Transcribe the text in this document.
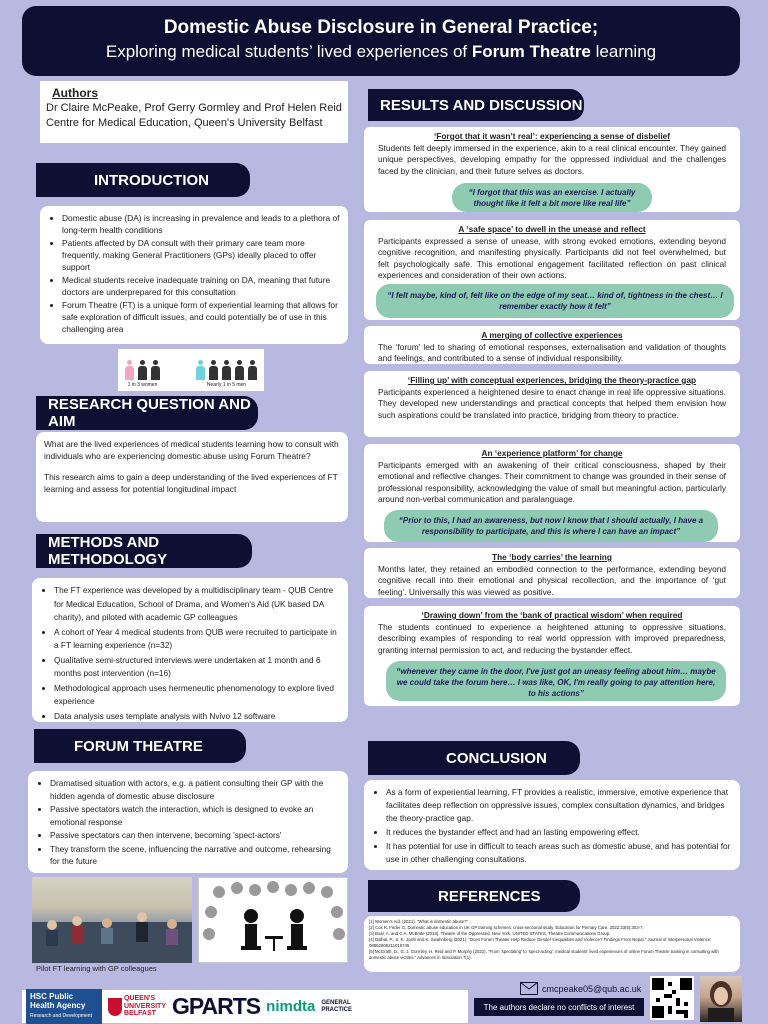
Domestic Abuse Disclosure in General Practice;
Exploring medical students’ lived experiences of Forum Theatre learning
Authors
Dr Claire McPeake, Prof Gerry Gormley and Prof Helen Reid
Centre for Medical Education, Queen's University Belfast
INTRODUCTION
• Domestic abuse (DA) is increasing in prevalence and leads to a plethora of long-term health conditions
• Patients affected by DA consult with their primary care team more frequently, making General Practitioners (GPs) ideally placed to offer support
• Medical students receive inadequate training on DA, meaning that future doctors are underprepared for this consultation
• Forum Theatre (FT) is a unique form of experiential learning that allows for safe exploration of difficult issues, and could potentially be of use in this challenging area
1 in 3 women	Nearly 1 in 5 men
RESEARCH QUESTION AND AIM

What are the lived experiences of medical students learning how to consult with individuals who are experiencing domestic abuse using Forum Theatre?

This research aims to gain a deep understanding of the lived experiences of FT learning and assess for potential longitudinal impact

METHODS AND METHODOLOGY
• The FT experience was developed by a multidisciplinary team - QUB Centre for Medical Education, School of Drama, and Women's Aid (UK based DA charity), and piloted with academic GP colleagues
• A cohort of Year 4 medical students from QUB were recruited to participate in a FT learning experience (n=32)
• Qualitative semi-structured interviews were undertaken at 1 month and 6 months post intervention (n=16)
• Methodological approach uses hermeneutic phenomenology to explore lived experience
• Data analysis uses template analysis with Nvivo 12 software
FORUM THEATRE
• Dramatised situation with actors, e.g. a patient consulting their GP with the hidden agenda of domestic abuse disclosure
• Passive spectators watch the interaction, which is designed to evoke an emotional response
• Passive spectators can then intervene, becoming 'spect-actors'
• They transform the scene, influencing the narrative and outcome, rehearsing for the future
Pilot FT learning with GP colleagues
RESULTS AND DISCUSSION
‘Forgot that it wasn’t real’: experiencing a sense of disbelief
Students felt deeply immersed in the experience, akin to a real clinical encounter. They gained unique perspectives, developing empathy for the oppressed individual and the challenges faced by the clinician, and their future selves as doctors.
“I forgot that this was an exercise. I actually thought like it felt a bit more like real life”
A ‘safe space’ to dwell in the unease and reflect
Participants expressed a sense of unease, with strong evoked emotions, extending beyond cognitive recognition, and manifesting physically. Participants did not feel overwhelmed, but felt psychologically safe. This emotional engagement facilitated reflection on past clinical experiences and consideration of their own actions.
“I felt maybe, kind of, felt like on the edge of my seat… kind of, tightness in the chest… I remember exactly how it felt”
A merging of collective experiences
The ‘forum’ led to sharing of emotional responses, externalisation and validation of thoughts and feelings, and contributed to a sense of individual responsibility.
‘Filling up’ with conceptual experiences, bridging the theory-practice gap
Participants experienced a heightened desire to enact change in real life oppressive situations. They developed new understandings and practical concepts that helped them envision how such aspirations could be translated into practice, bridging from theory to practice.
An ‘experience platform’ for change
Participants emerged with an awakening of their critical consciousness, shaped by their emotional and reflective changes. Their commitment to change was grounded in their sense of professional responsibility, acknowledging the value of small but meaningful action, particularly around non-verbal communication and paralanguage.
“Prior to this, I had an awareness, but now I know that I should actually, I have a responsibility to participate, and this is where I can have an impact”
The ‘body carries’ the learning
Months later, they retained an embodied connection to the performance, extending beyond cognitive recall into their emotional and physical recollection, and the importance of ‘gut feeling’. Universally this was viewed as positive.
‘Drawing down’ from the ‘bank of practical wisdom’ when required
The students continued to experience a heightened attuning to oppressive situations, describing examples of responding to real world oppression with improved preparedness, granting internal permission to act, and reducing the bystander effect.
“whenever they came in the door, I've just got an uneasy feeling about him… maybe we could take the forum here… I was like, OK, I'm really going to pay attention here, to his actions”
CONCLUSION
• As a form of experiential learning, FT provides a realistic, immersive, emotive experience that facilitates deep reflection on oppressive issues, complex consultation dynamics, and bridges the theory-practice gap.
• It reduces the bystander effect and had an lasting empowering effect.
• It has potential for use in difficult to teach areas such as domestic abuse, and has potential for use in other challenging consultations.
REFERENCES
[1] Women's Aid. (2021). "What is domestic abuse?"
[2] Cox R, Feder G. Domestic abuse education in UK GP training schemes: cross-sectional study. Education for Primary Care. 2022;33(5):303-7.
[3] Boal, A. and C.A. McBride (2013). Theatre of the Oppressed. New York, UNITED STATES, Theatre Communications Group.
[4] Dalhal, P., S. K. Joshi and K. Swahnberg (2021). "Does Forum Theater Help Reduce Gender Inequalities and Violence? Findings From Nepal." Journal of Interpersonal Violence: 08862605211016745
[5] McGrath, D., G. J. Gormley, H. Reid and P. Murphy (2022). "From 'spectating' to 'spect-acting': medical students' lived experiences of online Forum Theatre training in consulting with domestic abuse victims." Advances in Simulation 7(1).
HSC Public Health Agency
Research and Development
QUEEN'S
UNIVERSITY
BELFAST GPARTS nimdta GENERAL PRACTICE
cmcpeake05@qub.ac.uk
The authors declare no conflicts of interest
